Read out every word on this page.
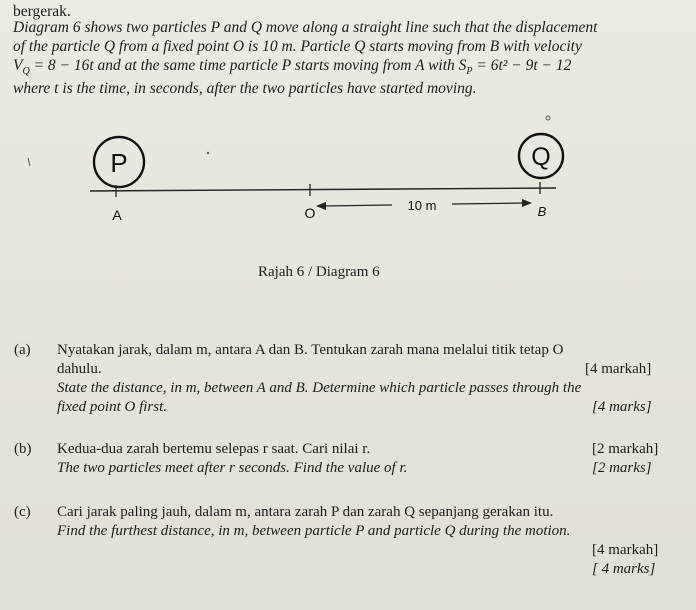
bergerak.
Diagram 6 shows two particles P and Q move along a straight line such that the displacement
of the particle Q from a fixed point O is 10 m. Particle Q starts moving from B with velocity
$V_Q = 8 - 16t$ and at the same time particle P starts moving from A with $S_P = 6t^2 - 9t - 12$
where t is the time, in seconds, after the two particles have started moving.
P	Q
A	O	B
10 m
Rajah 6 / Diagram 6
(a) Nyatakan jarak, dalam m, antara A dan B. Tentukan zarah mana melalui titik tetap O
dahulu.	[4 markah]
State the distance, in m, between A and B. Determine which particle passes through the
fixed point O first.	[4 marks]
(b) Kedua-dua zarah bertemu selepas r saat. Cari nilai r.	[2 markah]
The two particles meet after r seconds. Find the value of r.	[2 marks]
(c) Cari jarak paling jauh, dalam m, antara zarah P dan zarah Q sepanjang gerakan itu.
Find the furthest distance, in m, between particle P and particle Q during the motion.
[4 markah]
[ 4 marks]
